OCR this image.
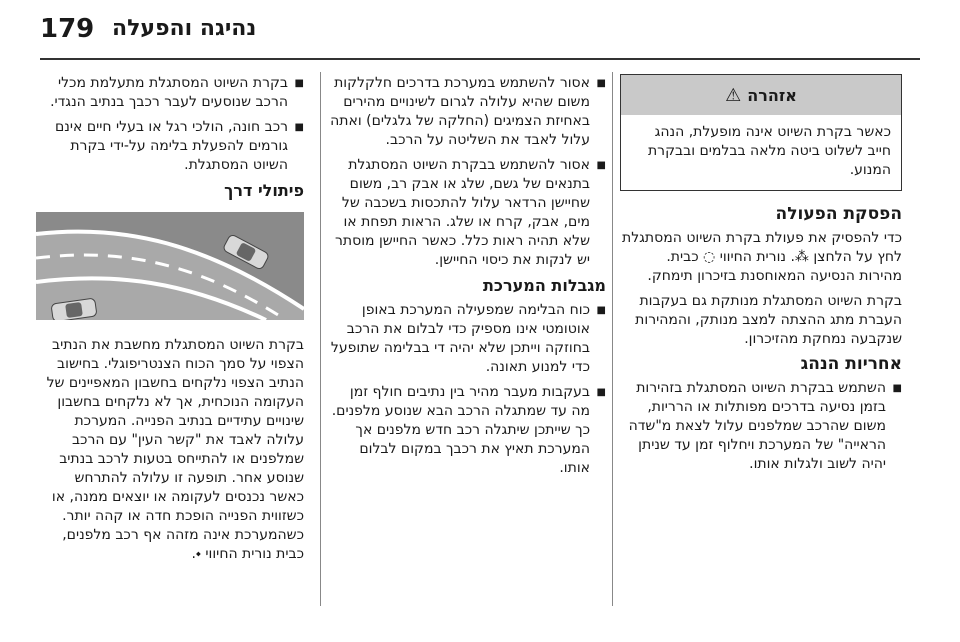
179 נהיגה והפעלה
אזהרה
⚠
כאשר בקרת השיוט אינה מופעלת, הנהג חייב לשלוט ביטה מלאה בבלמים ובבקרת המנוע.
הפסקת הפעולה

כדי להפסיק את פעולת בקרת השיוט המסתגלת לחץ על הלחצן ⁂. נורית החיווי ◌ כבית. מהירות הנסיעה המאוחסנת בזיכרון תימחק.

בקרת השיוט המסתגלת מנותקת גם בעקבות העברת מתג ההצתה למצב מנותק, והמהירות שנקבעה נמחקת מהזיכרון.

אחריות הנהג
■ השתמש בבקרת השיוט המסתגלת בזהירות בזמן נסיעה בדרכים מפותלות או הרריות, משום שהרכב שמלפנים עלול לצאת מ"שדה הראייה" של המערכת ויחלוף זמן עד שניתן יהיה לשוב ולגלות אותו.
■ אסור להשתמש במערכת בדרכים חלקלקות משום שהיא עלולה לגרום לשינויים מהירים באחיזת הצמיגים (החלקה של גלגלים) ואתה עלול לאבד את השליטה על הרכב.
■ אסור להשתמש בבקרת השיוט המסתגלת בתנאים של גשם, שלג או אבק רב, משום שחיישן הרדאר עלול להתכסות בשכבה של מים, אבק, קרח או שלג. הראות תפחת או שלא תהיה ראות כלל. כאשר החיישן מוסתר יש לנקות את כיסוי החיישן.
מגבלות המערכת
■ כוח הבלימה שמפעילה המערכת באופן אוטומטי אינו מספיק כדי לבלום את הרכב בחוזקה וייתכן שלא יהיה די בבלימה שתופעל כדי למנוע תאונה.
■ בעקבות מעבר מהיר בין נתיבים חולף זמן מה עד שמתגלה הרכב הבא שנוסע מלפנים. כך שייתכן שיתגלה רכב חדש מלפנים אך המערכת תאיץ את רכבך במקום לבלום אותו.
■ בקרת השיוט המסתגלת מתעלמת מכלי הרכב שנוסעים לעבר רכבך בנתיב הנגדי.
■ רכב חונה, הולכי רגל או בעלי חיים אינם גורמים להפעלת בלימה על-ידי בקרת השיוט המסתגלת.
פיתולי דרך

בקרת השיוט המסתגלת מחשבת את הנתיב הצפוי על סמך הכוח הצנטריפוגלי. בחישוב הנתיב הצפוי נלקחים בחשבון המאפיינים של העקומה הנוכחית, אך לא נלקחים בחשבון שינויים עתידיים בנתיב הפנייה. המערכת עלולה לאבד את "קשר העין" עם הרכב שמלפנים או להתייחס בטעות לרכב בנתיב שנוסע אחר. תופעה זו עלולה להתרחש כאשר נכנסים לעקומה או יוצאים ממנה, או כשזווית הפנייה הופכת חדה או קהה יותר. כשהמערכת אינה מזהה אף רכב מלפנים, כבית נורית החיווי ⬩.
